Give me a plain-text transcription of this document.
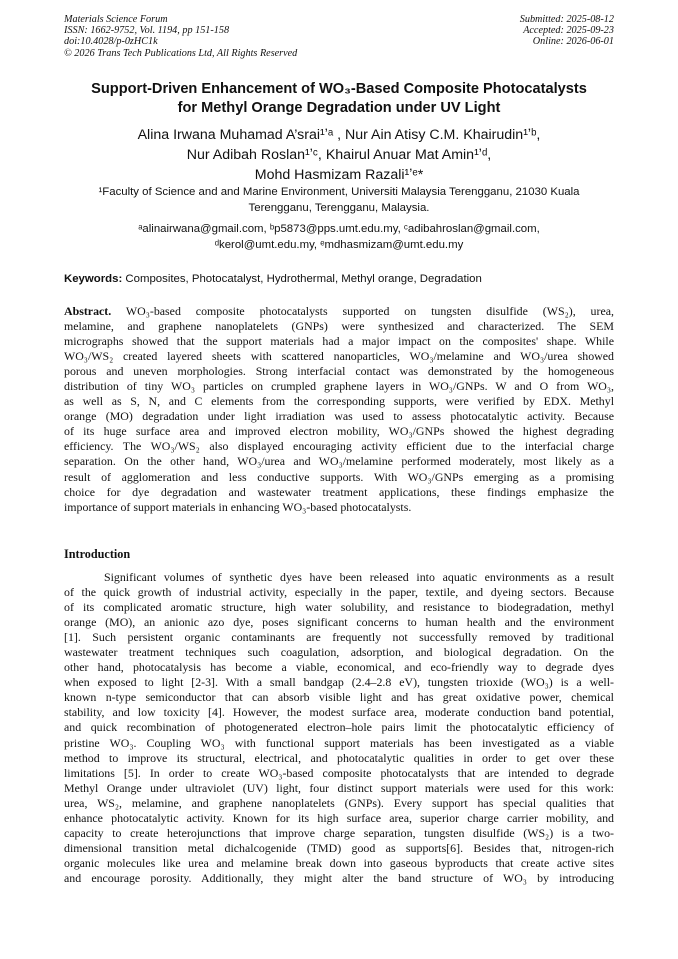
Materials Science Forum
ISSN: 1662-9752, Vol. 1194, pp 151-158
doi:10.4028/p-0zHC1k
© 2026 Trans Tech Publications Ltd, All Rights Reserved
Submitted: 2025-08-12
Accepted: 2025-09-23
Online: 2026-06-01
Support-Driven Enhancement of WO₃-Based Composite Photocatalysts
for Methyl Orange Degradation under UV Light
Alina Irwana Muhamad A’srai¹ʼᵃ , Nur Ain Atisy C.M. Khairudin¹ʼᵇ,
Nur Adibah Roslan¹ʼᶜ, Khairul Anuar Mat Amin¹ʼᵈ,
Mohd Hasmizam Razali¹ʼᵉ*
¹Faculty of Science and and Marine Environment, Universiti Malaysia Terengganu, 21030 Kuala
Terengganu, Terengganu, Malaysia.
ᵃalinairwana@gmail.com, ᵇp5873@pps.umt.edu.my, ᶜadibahroslan@gmail.com,
ᵈkerol@umt.edu.my, ᵉmdhasmizam@umt.edu.my
Keywords: Composites, Photocatalyst, Hydrothermal, Methyl orange, Degradation
Abstract. WO₃-based composite photocatalysts supported on tungsten disulfide (WS₂), urea,
melamine, and graphene nanoplatelets (GNPs) were synthesized and characterized. The SEM
micrographs showed that the support materials had a major impact on the composites' shape. While
WO₃/WS₂ created layered sheets with scattered nanoparticles, WO₃/melamine and WO₃/urea showed
porous and uneven morphologies. Strong interfacial contact was demonstrated by the homogeneous
distribution of tiny WO₃ particles on crumpled graphene layers in WO₃/GNPs. W and O from WO₃,
as well as S, N, and C elements from the corresponding supports, were verified by EDX. Methyl
orange (MO) degradation under light irradiation was used to assess photocatalytic activity. Because
of its huge surface area and improved electron mobility, WO₃/GNPs showed the highest degrading
efficiency. The WO₃/WS₂ also displayed encouraging activity efficient due to the interfacial charge
separation. On the other hand, WO₃/urea and WO₃/melamine performed moderately, most likely as a
result of agglomeration and less conductive supports. With WO₃/GNPs emerging as a promising
choice for dye degradation and wastewater treatment applications, these findings emphasize the
importance of support materials in enhancing WO₃-based photocatalysts.
Introduction
Significant volumes of synthetic dyes have been released into aquatic environments as a result
of the quick growth of industrial activity, especially in the paper, textile, and dyeing sectors. Because
of its complicated aromatic structure, high water solubility, and resistance to biodegradation, methyl
orange (MO), an anionic azo dye, poses significant concerns to human health and the environment
[1]. Such persistent organic contaminants are frequently not successfully removed by traditional
wastewater treatment techniques such coagulation, adsorption, and biological degradation. On the
other hand, photocatalysis has become a viable, economical, and eco-friendly way to degrade dyes
when exposed to light [2-3]. With a small bandgap (2.4–2.8 eV), tungsten trioxide (WO₃) is a well-
known n-type semiconductor that can absorb visible light and has great oxidative power, chemical
stability, and low toxicity [4]. However, the modest surface area, moderate conduction band potential,
and quick recombination of photogenerated electron–hole pairs limit the photocatalytic efficiency of
pristine WO₃. Coupling WO₃ with functional support materials has been investigated as a viable
method to improve its structural, electrical, and photocatalytic qualities in order to get over these
limitations [5]. In order to create WO₃-based composite photocatalysts that are intended to degrade
Methyl Orange under ultraviolet (UV) light, four distinct support materials were used for this work:
urea, WS₂, melamine, and graphene nanoplatelets (GNPs). Every support has special qualities that
enhance photocatalytic activity. Known for its high surface area, superior charge carrier mobility, and
capacity to create heterojunctions that improve charge separation, tungsten disulfide (WS₂) is a two-
dimensional transition metal dichalcogenide (TMD) good as supports[6]. Besides that, nitrogen-rich
organic molecules like urea and melamine break down into gaseous byproducts that create active sites
and encourage porosity. Additionally, they might alter the band structure of WO₃ by introducing
